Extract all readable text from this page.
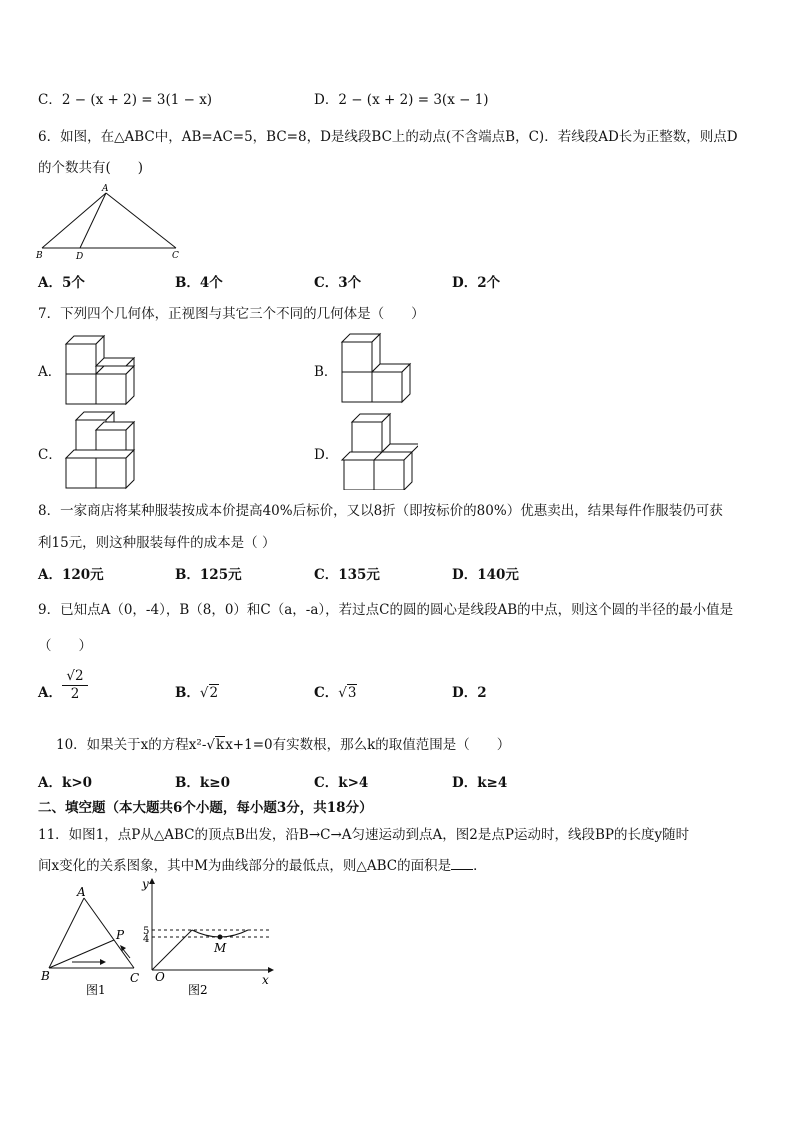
C．2 − (x + 2) = 3(1 − x)	D．2 − (x + 2) = 3(x − 1)
6．如图，在△ABC中，AB=AC=5，BC=8，D是线段BC上的动点(不含端点B，C)．若线段AD长为正整数，则点D
的个数共有(　　)
A
B	D	C
A．5个	B．4个	C．3个	D．2个
7．下列四个几何体，正视图与其它三个不同的几何体是（　　）
A．	B．
C．	D．
8．一家商店将某种服装按成本价提高40%后标价，又以8折（即按标价的80%）优惠卖出，结果每件作服装仍可获
利15元，则这种服装每件的成本是（ ）
A．120元	B．125元	C．135元	D．140元
9．已知点A（0，-4），B（8，0）和C（a，-a），若过点C的圆的圆心是线段AB的中点，则这个圆的半径的最小值是
（　　）
A． $\frac{√2}{2}$	B．√2	C．√3	D．2
10．如果关于x的方程x²-√kx+1=0有实数根，那么k的取值范围是（　　）
A．k>0	B．k≥0	C．k>4	D．k≥4
二、填空题（本大题共6个小题，每小题3分，共18分）
11．如图1，点P从△ABC的顶点B出发，沿B→C→A匀速运动到点A，图2是点P运动时，线段BP的长度y随时
间x变化的关系图象，其中M为曲线部分的最低点，则△ABC的面积是 ．
A
B	C
P
图1
y
x
O
M
5
4
图2
